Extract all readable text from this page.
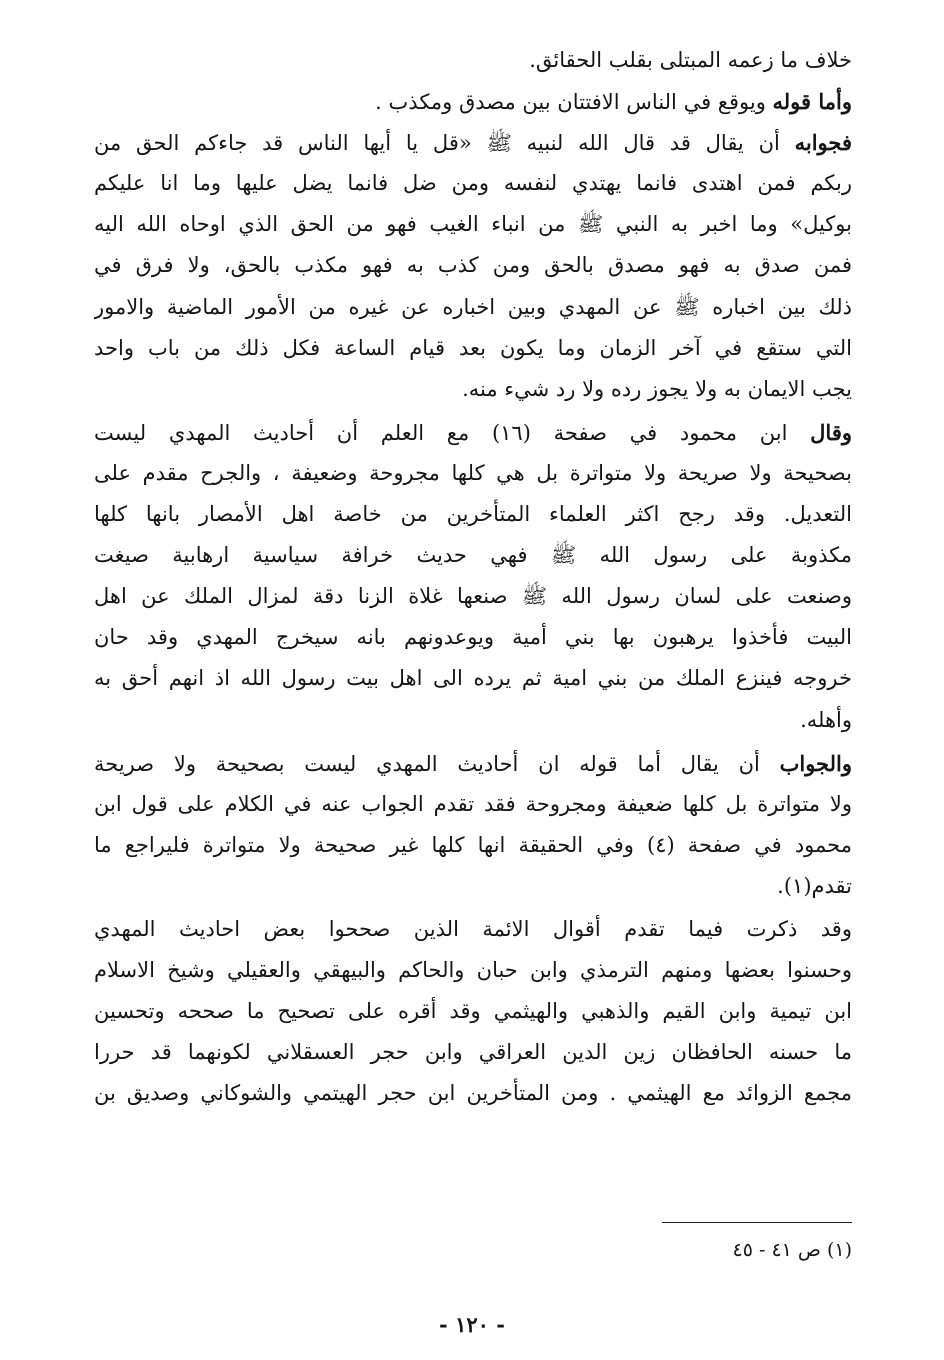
خلاف ما زعمه المبتلى بقلب الحقائق.
وأما قوله ويوقع في الناس الافتتان بين مصدق ومكذب .
فجوابه أن يقال قد قال الله لنبيه ﷺ «قل يا أيها الناس قد جاءكم الحق من
ربكم فمن اهتدى فانما يهتدي لنفسه ومن ضل فانما يضل عليها وما انا عليكم
بوكيل» وما اخبر به النبي ﷺ من انباء الغيب فهو من الحق الذي اوحاه الله اليه
فمن صدق به فهو مصدق بالحق ومن كذب به فهو مكذب بالحق، ولا فرق في
ذلك بين اخباره ﷺ عن المهدي وبين اخباره عن غيره من الأمور الماضية والامور
التي ستقع في آخر الزمان وما يكون بعد قيام الساعة فكل ذلك من باب واحد
يجب الايمان به ولا يجوز رده ولا رد شيء منه.
وقال ابن محمود في صفحة (١٦) مع العلم أن أحاديث المهدي ليست
بصحيحة ولا صريحة ولا متواترة بل هي كلها مجروحة وضعيفة ، والجرح مقدم على
التعديل. وقد رجح اكثر العلماء المتأخرين من خاصة اهل الأمصار بانها كلها
مكذوبة على رسول الله ﷺ فهي حديث خرافة سياسية ارهابية صيغت
وصنعت على لسان رسول الله ﷺ صنعها غلاة الزنا دقة لمزال الملك عن اهل
البيت فأخذوا يرهبون بها بني أمية ويوعدونهم بانه سيخرج المهدي وقد حان
خروجه فينزع الملك من بني امية ثم يرده الى اهل بيت رسول الله اذ انهم أحق به
وأهله.
والجواب أن يقال أما قوله ان أحاديث المهدي ليست بصحيحة ولا صريحة
ولا متواترة بل كلها ضعيفة ومجروحة فقد تقدم الجواب عنه في الكلام على قول ابن
محمود في صفحة (٤) وفي الحقيقة انها كلها غير صحيحة ولا متواترة فليراجع ما
تقدم(١).
وقد ذكرت فيما تقدم أقوال الائمة الذين صححوا بعض احاديث المهدي
وحسنوا بعضها ومنهم الترمذي وابن حبان والحاكم والبيهقي والعقيلي وشيخ الاسلام
ابن تيمية وابن القيم والذهبي والهيثمي وقد أقره على تصحيح ما صححه وتحسين
ما حسنه الحافظان زين الدين العراقي وابن حجر العسقلاني لكونهما قد حررا
مجمع الزوائد مع الهيثمي . ومن المتأخرين ابن حجر الهيتمي والشوكاني وصديق بن
(١) ص ٤١ - ٤٥
- ١٢٠ -
